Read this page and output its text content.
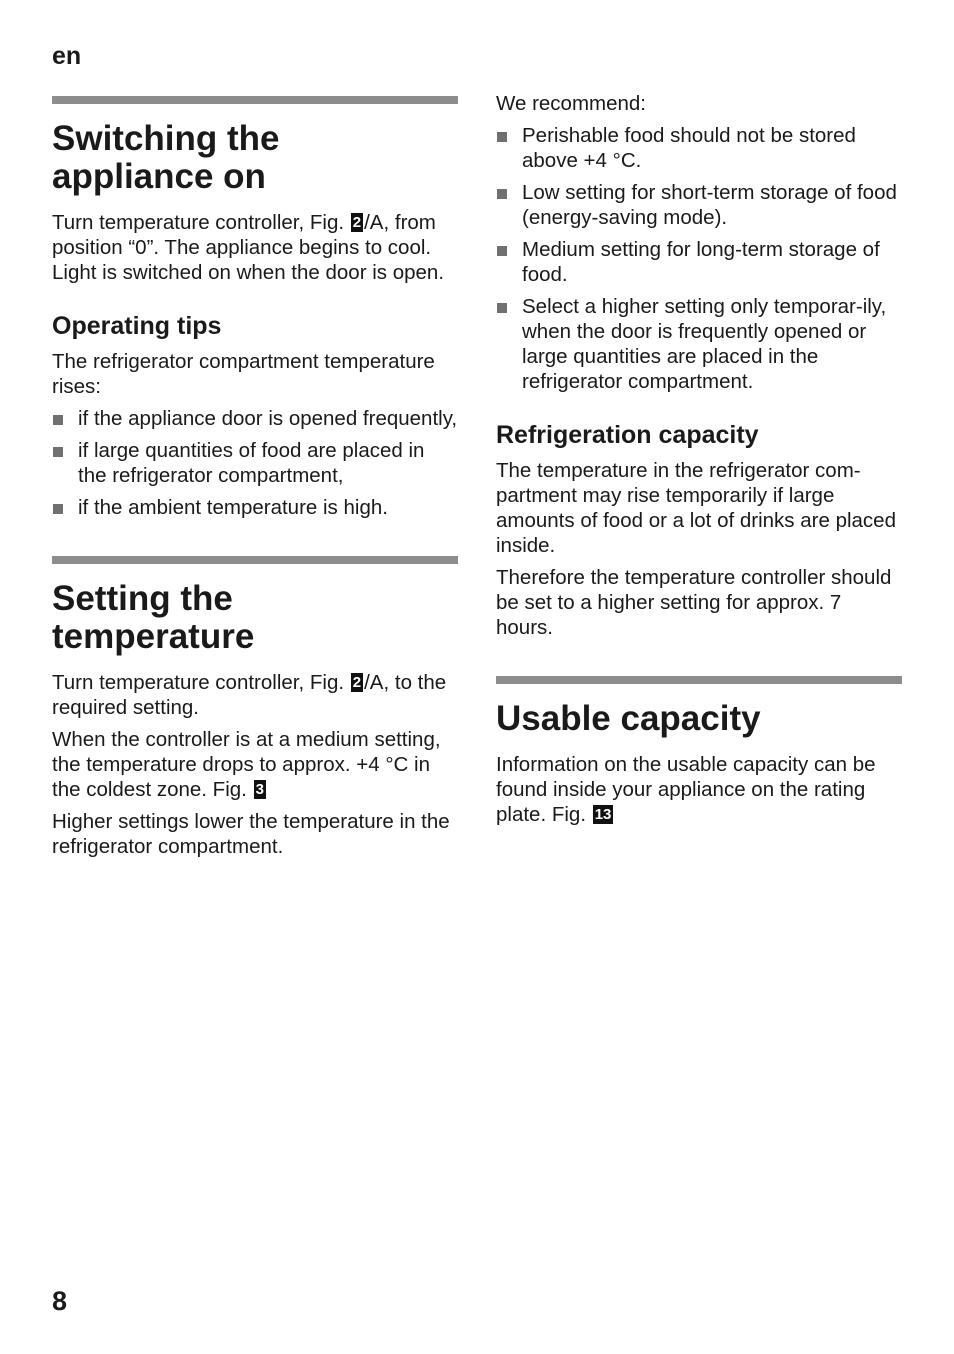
en
Switching the
appliance on

Turn temperature controller, Fig. 2 /A, from position “0”. The appliance begins to cool. Light is switched on when the door is open.

Operating tips

The refrigerator compartment temperature rises:

if the appliance door is opened frequently,
if large quantities of food are placed in the refrigerator compartment,
if the ambient temperature is high.
Setting the
temperature

Turn temperature controller, Fig. 2 /A, to the required setting.

When the controller is at a medium setting, the temperature drops to approx. +4 °C in the coldest zone. Fig. 3

Higher settings lower the temperature in the refrigerator compartment.

We recommend:

Perishable food should not be stored above +4 °C.
Low setting for short-term storage of food (energy-saving mode).
Medium setting for long-term storage of food.
Select a higher setting only temporar-ily, when the door is frequently opened or large quantities are placed in the refrigerator compartment.
Refrigeration capacity

The temperature in the refrigerator com-partment may rise temporarily if large amounts of food or a lot of drinks are placed inside.

Therefore the temperature controller should be set to a higher setting for approx. 7 hours.

Usable capacity

Information on the usable capacity can be found inside your appliance on the rating plate. Fig. 13

8
